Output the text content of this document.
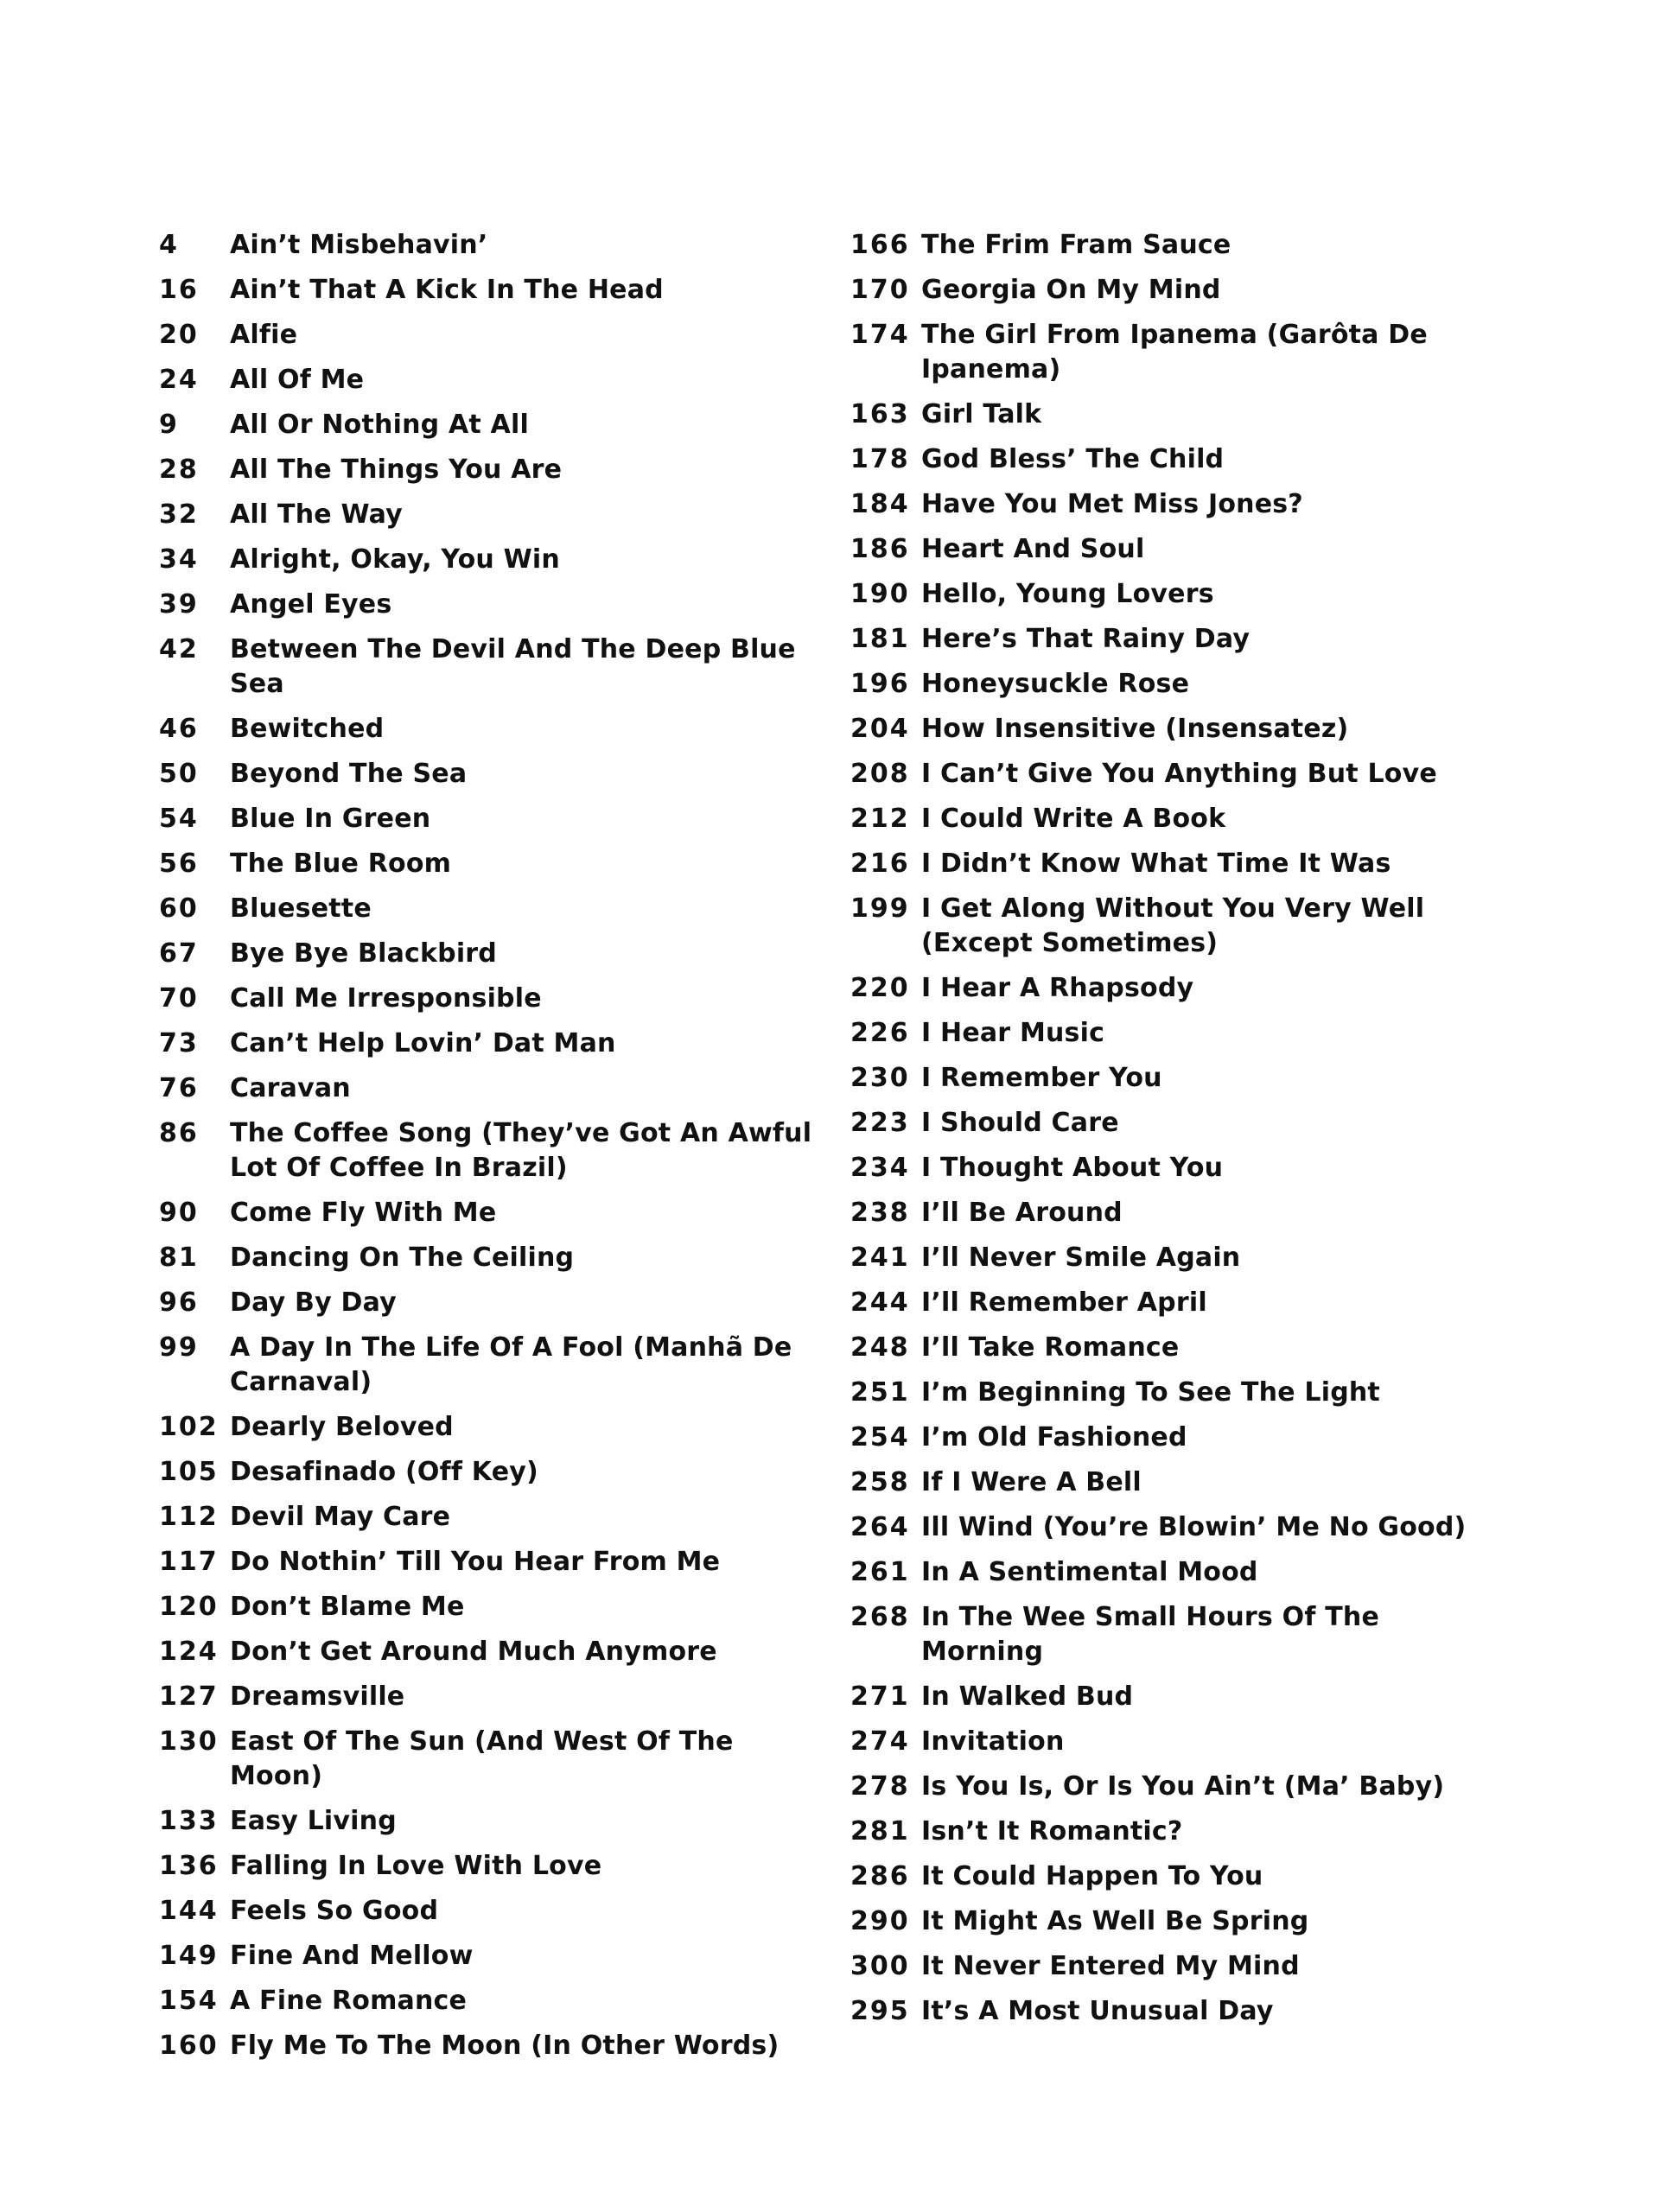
4	Ain’t Misbehavin’
16	Ain’t That A Kick In The Head
20	Alfie
24	All Of Me
9	All Or Nothing At All
28	All The Things You Are
32	All The Way
34	Alright, Okay, You Win
39	Angel Eyes
42	Between The Devil And The Deep Blue Sea
46	Bewitched
50	Beyond The Sea
54	Blue In Green
56	The Blue Room
60	Bluesette
67	Bye Bye Blackbird
70	Call Me Irresponsible
73	Can’t Help Lovin’ Dat Man
76	Caravan
86	The Coffee Song (They’ve Got An Awful Lot Of Coffee In Brazil)
90	Come Fly With Me
81	Dancing On The Ceiling
96	Day By Day
99	A Day In The Life Of A Fool (Manhã De Carnaval)
102 Dearly Beloved
105 Desafinado (Off Key)
112 Devil May Care
117 Do Nothin’ Till You Hear From Me
120 Don’t Blame Me
124 Don’t Get Around Much Anymore
127 Dreamsville
130 East Of The Sun (And West Of The Moon)
133 Easy Living
136 Falling In Love With Love
144 Feels So Good
149 Fine And Mellow
154 A Fine Romance
160 Fly Me To The Moon (In Other Words)
166 The Frim Fram Sauce
170 Georgia On My Mind
174 The Girl From Ipanema (Garôta De Ipanema)
163 Girl Talk
178 God Bless’ The Child
184 Have You Met Miss Jones?
186 Heart And Soul
190 Hello, Young Lovers
181 Here’s That Rainy Day
196 Honeysuckle Rose
204 How Insensitive (Insensatez)
208 I Can’t Give You Anything But Love
212 I Could Write A Book
216 I Didn’t Know What Time It Was
199 I Get Along Without You Very Well (Except Sometimes)
220 I Hear A Rhapsody
226 I Hear Music
230 I Remember You
223 I Should Care
234 I Thought About You
238 I’ll Be Around
241 I’ll Never Smile Again
244 I’ll Remember April
248 I’ll Take Romance
251 I’m Beginning To See The Light
254 I’m Old Fashioned
258 If I Were A Bell
264 Ill Wind (You’re Blowin’ Me No Good)
261 In A Sentimental Mood
268 In The Wee Small Hours Of The Morning
271 In Walked Bud
274 Invitation
278 Is You Is, Or Is You Ain’t (Ma’ Baby)
281 Isn’t It Romantic?
286 It Could Happen To You
290 It Might As Well Be Spring
300 It Never Entered My Mind
295 It’s A Most Unusual Day
